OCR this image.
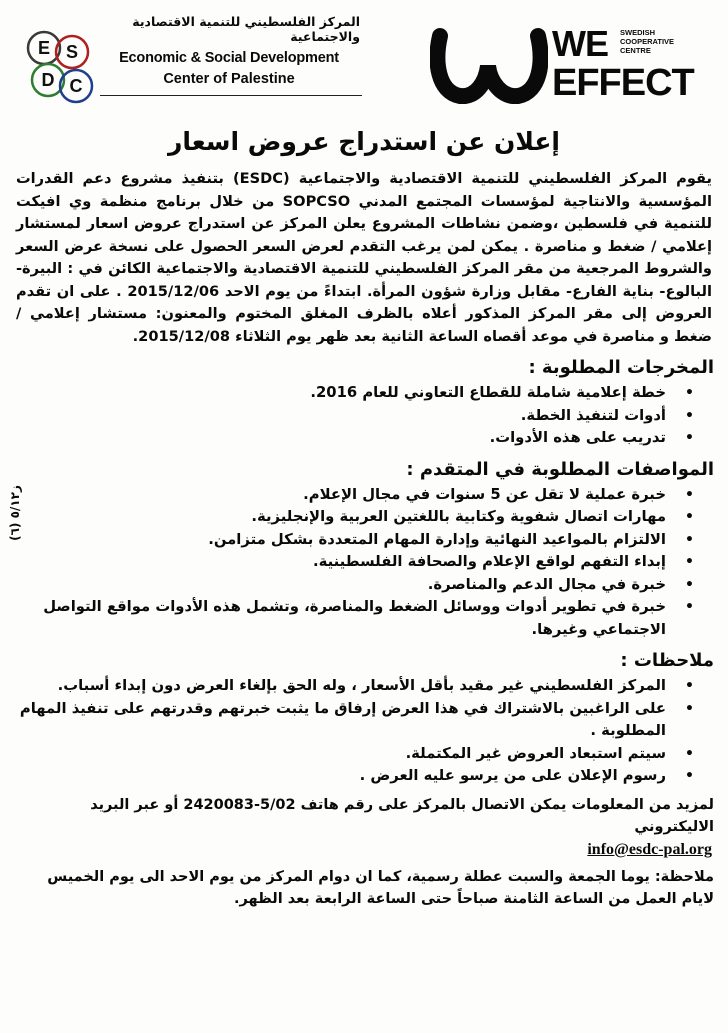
E S
D C
المركز الفلسطيني للتنمية الاقتصادية والاجتماعية
Economic & Social Development
Center of Palestine
WE SWEDISH
COOPERATIVE
CENTRE
EFFECT
إعلان عن استدراج عروض اسعار

يقوم المركز الفلسطيني للتنمية الاقتصادية والاجتماعية (ESDC) بتنفيذ مشروع دعم القدرات المؤسسية والانتاجية لمؤسسات المجتمع المدني SOPCSO من خلال برنامج منظمة وي افيكت للتنمية في فلسطين ،وضمن نشاطات المشروع يعلن المركز عن استدراج عروض اسعار لمستشار إعلامي / ضغط و مناصرة . يمكن لمن يرغب التقدم لعرض السعر الحصول على نسخة عرض السعر والشروط المرجعية من مقر المركز الفلسطيني للتنمية الاقتصادية والاجتماعية الكائن في : البيرة-البالوع- بناية الفارع- مقابل وزارة شؤون المرأة. ابتداءً من يوم الاحد 2015/12/06 . على ان تقدم العروض إلى مقر المركز المذكور أعلاه بالظرف المغلق المختوم والمعنون: مستشار إعلامي / ضغط و مناصرة في موعد أقصاه الساعة الثانية بعد ظهر يوم الثلاثاء 2015/12/08.

المخرجات المطلوبة :
• خطة إعلامية شاملة للقطاع التعاوني للعام 2016.
• أدوات لتنفيذ الخطة.
• تدريب على هذه الأدوات.
المواصفات المطلوبة في المتقدم :
• خبرة عملية لا تقل عن 5 سنوات في مجال الإعلام.
• مهارات اتصال شفوية وكتابية باللغتين العربية والإنجليزية.
• الالتزام بالمواعيد النهائية وإدارة المهام المتعددة بشكل متزامن.
• إبداء التفهم لواقع الإعلام والصحافة الفلسطينية.
• خبرة في مجال الدعم والمناصرة.
• خبرة في تطوير أدوات ووسائل الضغط والمناصرة، وتشمل هذه الأدوات مواقع التواصل الاجتماعي وغيرها.
ملاحظات :
• المركز الفلسطيني غير مقيد بأقل الأسعار ، وله الحق بإلغاء العرض دون إبداء أسباب.
• على الراغبين بالاشتراك في هذا العرض إرفاق ما يثبت خبرتهم وقدرتهم على تنفيذ المهام المطلوبة .
• سيتم استبعاد العروض غير المكتملة.
• رسوم الإعلان على من يرسو عليه العرض .
لمزيد من المعلومات يمكن الاتصال بالمركز على رقم هاتف 5/02-2420083 أو عبر البريد الاليكتروني
info@esdc-pal.org
ملاحظة: يوما الجمعة والسبت عطلة رسمية، كما ان دوام المركز من يوم الاحد الى يوم الخميس لايام العمل من الساعة الثامنة صباحاً حتى الساعة الرابعة بعد الظهر.
ز٥/١٢ (٦)
